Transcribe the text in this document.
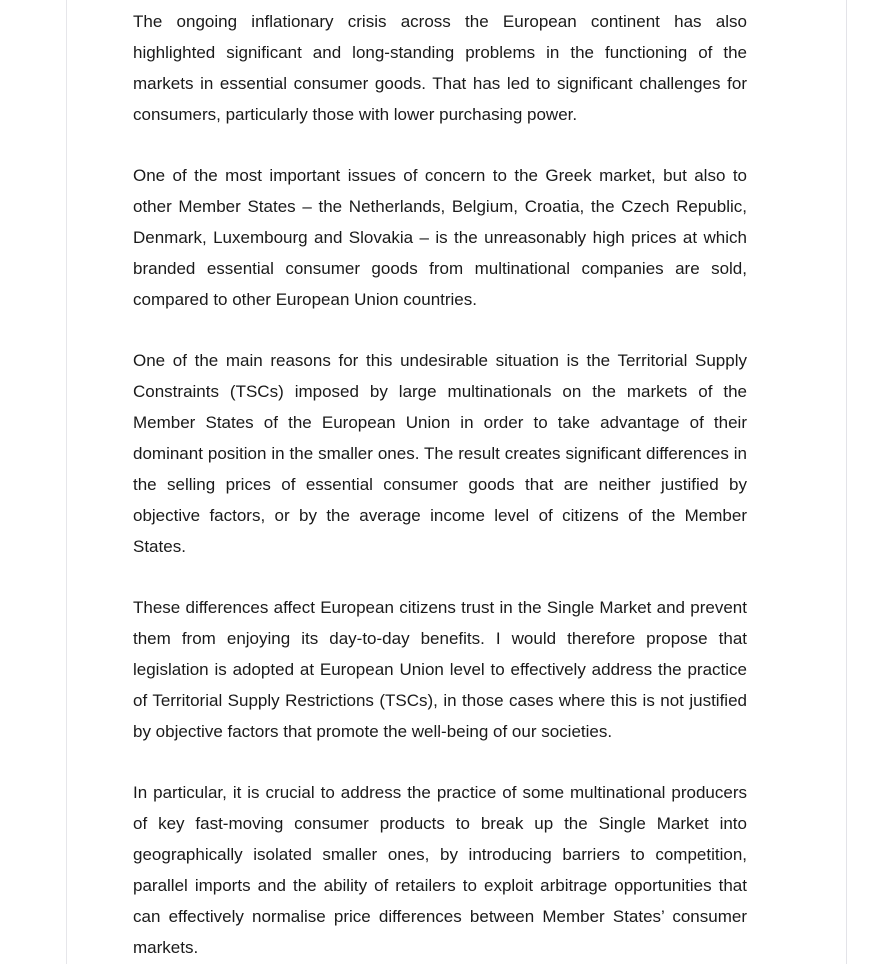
The ongoing inflationary crisis across the European continent has also highlighted significant and long-standing problems in the functioning of the markets in essential consumer goods. That has led to significant challenges for consumers, particularly those with lower purchasing power.

One of the most important issues of concern to the Greek market, but also to other Member States – the Netherlands, Belgium, Croatia, the Czech Republic, Denmark, Luxembourg and Slovakia – is the unreasonably high prices at which branded essential consumer goods from multinational companies are sold, compared to other European Union countries.

One of the main reasons for this undesirable situation is the Territorial Supply Constraints (TSCs) imposed by large multinationals on the markets of the Member States of the European Union in order to take advantage of their dominant position in the smaller ones. The result creates significant differences in the selling prices of essential consumer goods that are neither justified by objective factors, or by the average income level of citizens of the Member States.

These differences affect European citizens trust in the Single Market and prevent them from enjoying its day-to-day benefits. I would therefore propose that legislation is adopted at European Union level to effectively address the practice of Territorial Supply Restrictions (TSCs), in those cases where this is not justified by objective factors that promote the well-being of our societies.

In particular, it is crucial to address the practice of some multinational producers of key fast-moving consumer products to break up the Single Market into geographically isolated smaller ones, by introducing barriers to competition, parallel imports and the ability of retailers to exploit arbitrage opportunities that can effectively normalise price differences between Member States’ consumer markets.
